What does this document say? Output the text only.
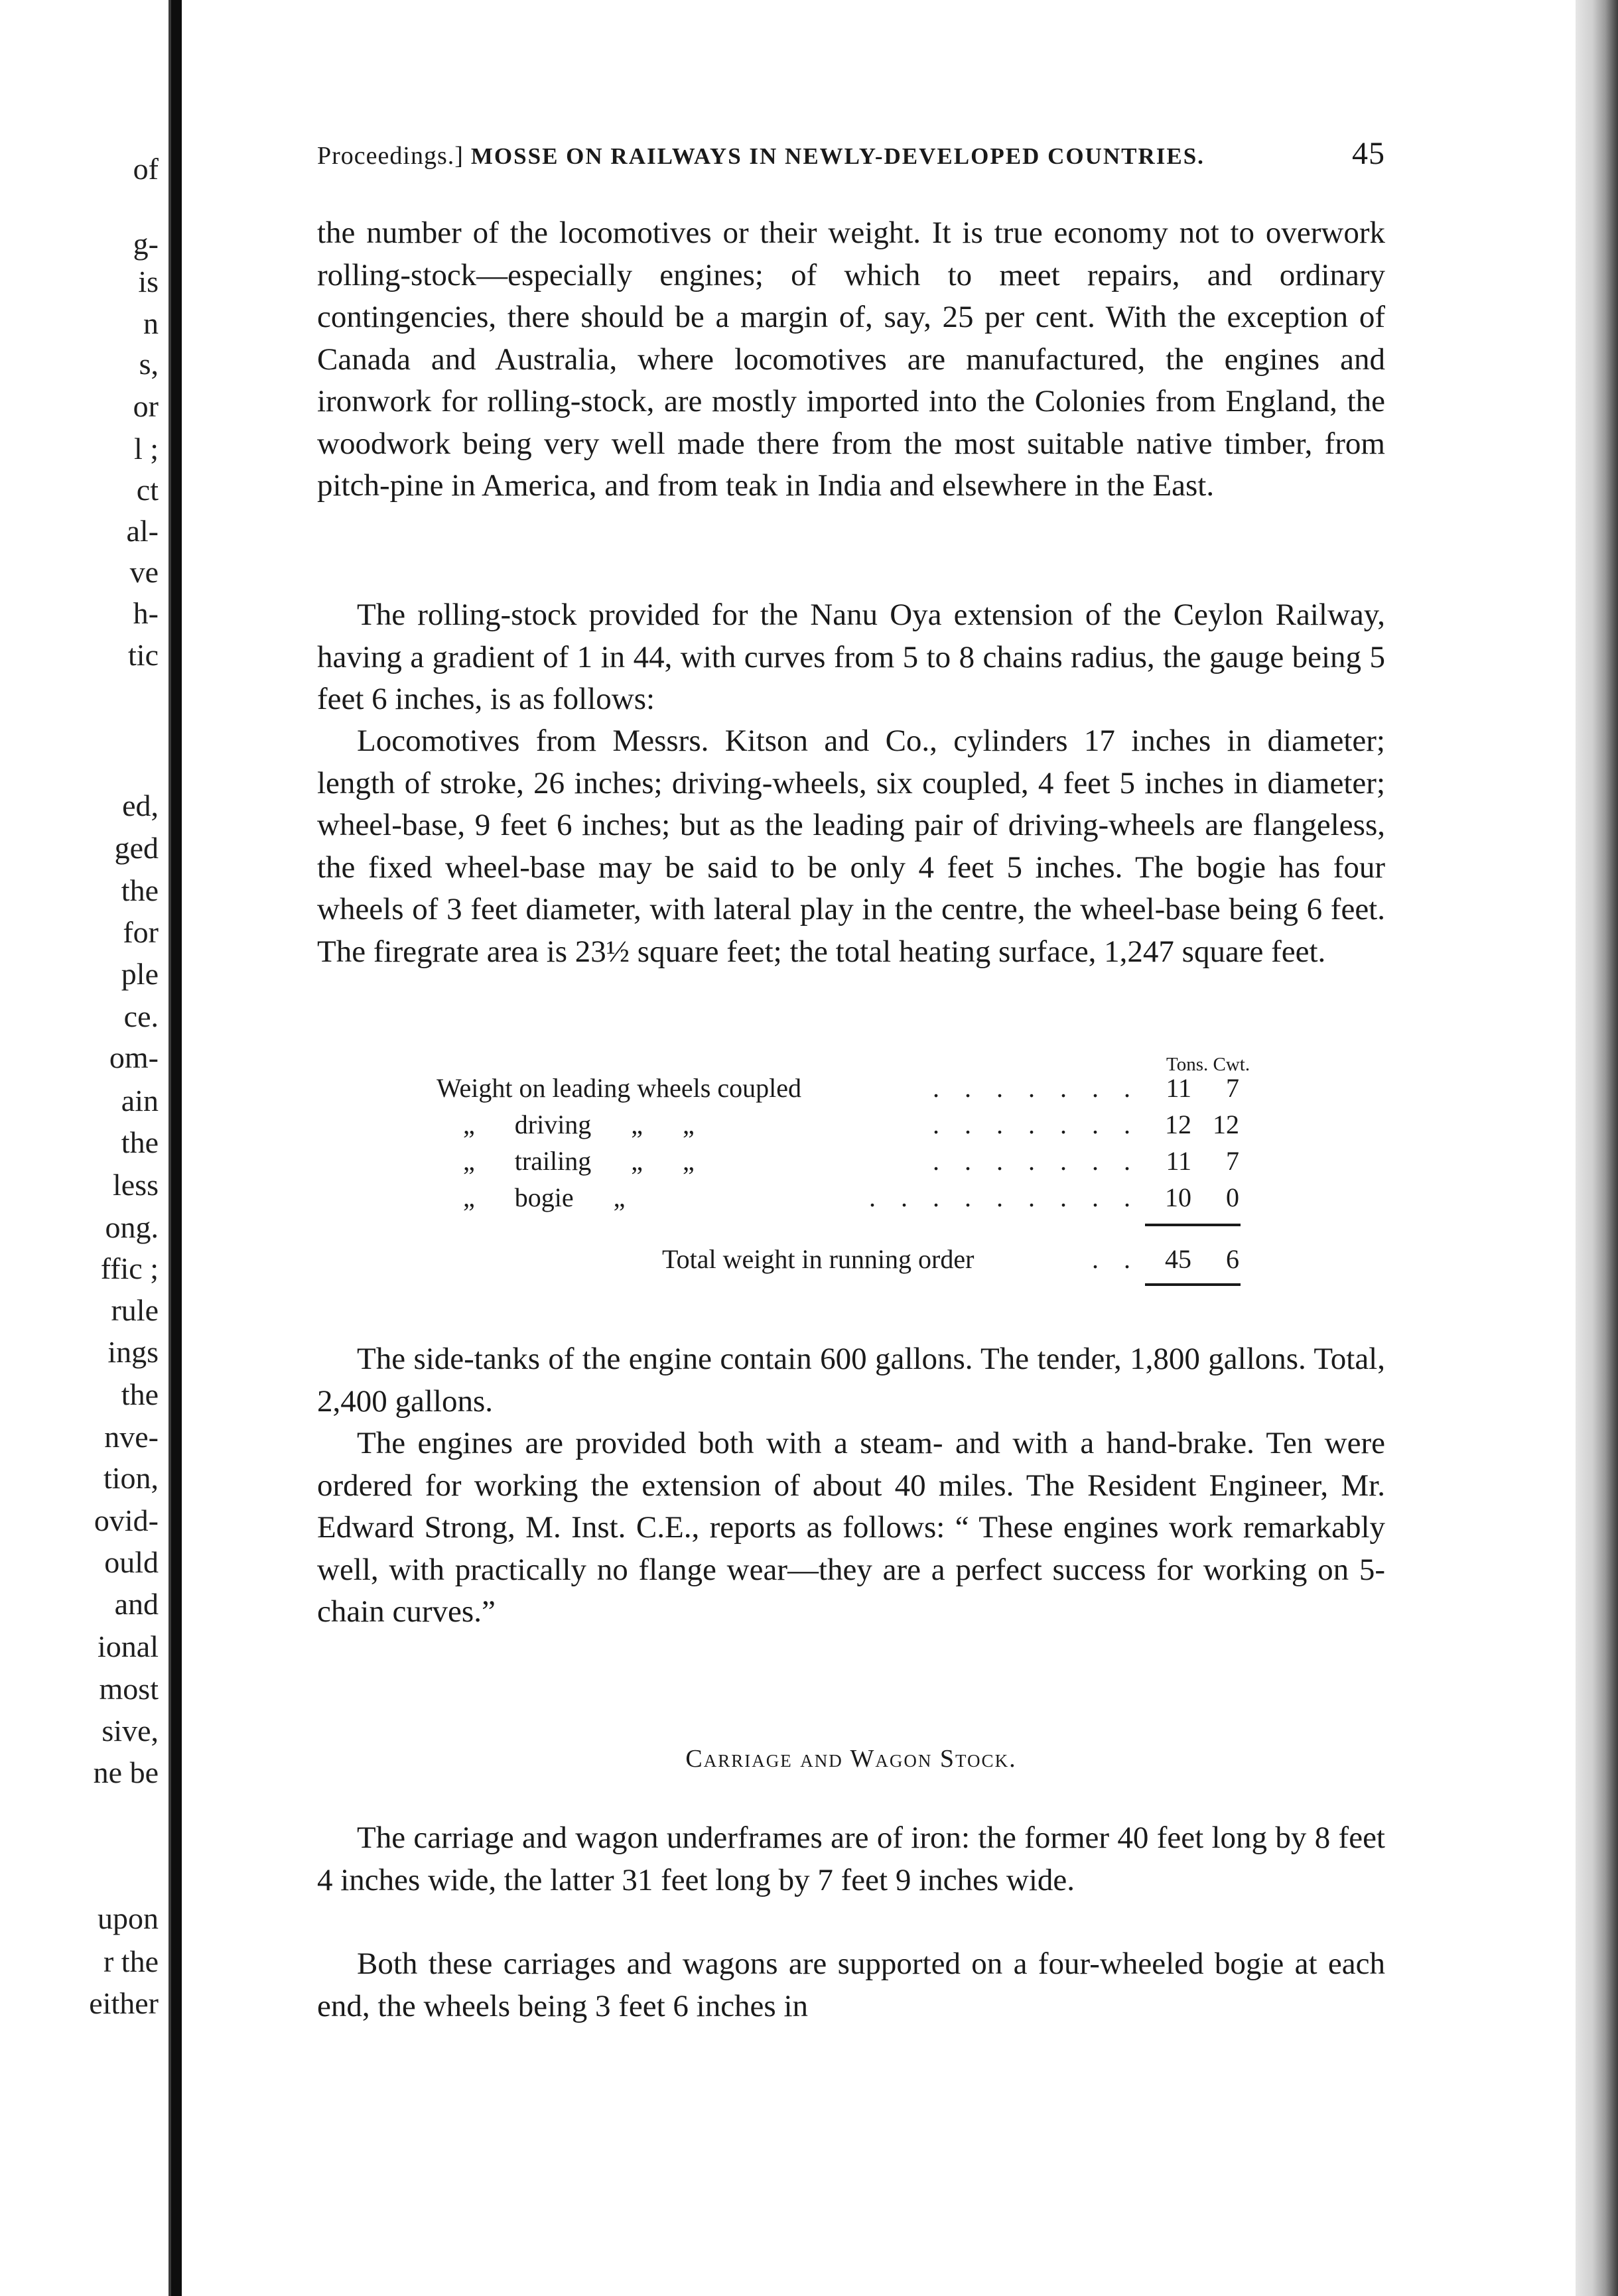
of
g-
is
n
s,
or
l ;
ct
al-
ve
h-
tic
ed,
ged
the
for
ple
ce.
om-
ain
the
less
ong.
ffic ;
rule
ings
the
nve-
tion,
ovid-
ould
and
ional
most
sive,
ne be
upon
r the
either
Proceedings.] MOSSE ON RAILWAYS IN NEWLY-DEVELOPED COUNTRIES.	45
the number of the locomotives or their weight. It is true economy not to overwork rolling-stock—especially engines; of which to meet repairs, and ordinary contingencies, there should be a margin of, say, 25 per cent. With the exception of Canada and Australia, where locomotives are manufactured, the engines and ironwork for rolling-stock, are mostly imported into the Colonies from England, the woodwork being very well made there from the most suitable native timber, from pitch-pine in America, and from teak in India and elsewhere in the East.
The rolling-stock provided for the Nanu Oya extension of the Ceylon Railway, having a gradient of 1 in 44, with curves from 5 to 8 chains radius, the gauge being 5 feet 6 inches, is as follows:
Locomotives from Messrs. Kitson and Co., cylinders 17 inches in diameter; length of stroke, 26 inches; driving-wheels, six coupled, 4 feet 5 inches in diameter; wheel-base, 9 feet 6 inches; but as the leading pair of driving-wheels are flangeless, the fixed wheel-base may be said to be only 4 feet 5 inches. The bogie has four wheels of 3 feet diameter, with lateral play in the centre, the wheel-base being 6 feet. The firegrate area is 23½ square feet; the total heating surface, 1,247 square feet.
Tons. Cwt.
Weight on leading wheels coupled	. . . . . . . 11	7
„      driving      „      „	. . . . . . . 12 12
„      trailing      „      „	. . . . . . . 11	7
„      bogie      „	. . . . . . . . . 10	0
Total weight in running order	. . 45	6
The side-tanks of the engine contain 600 gallons. The tender, 1,800 gallons. Total, 2,400 gallons.
The engines are provided both with a steam- and with a hand-brake. Ten were ordered for working the extension of about 40 miles. The Resident Engineer, Mr. Edward Strong, M. Inst. C.E., reports as follows: “ These engines work remarkably well, with practically no flange wear—they are a perfect success for working on 5-chain curves.”
Carriage and Wagon Stock.
The carriage and wagon underframes are of iron: the former 40 feet long by 8 feet 4 inches wide, the latter 31 feet long by 7 feet 9 inches wide.
Both these carriages and wagons are supported on a four-wheeled bogie at each end, the wheels being 3 feet 6 inches in
